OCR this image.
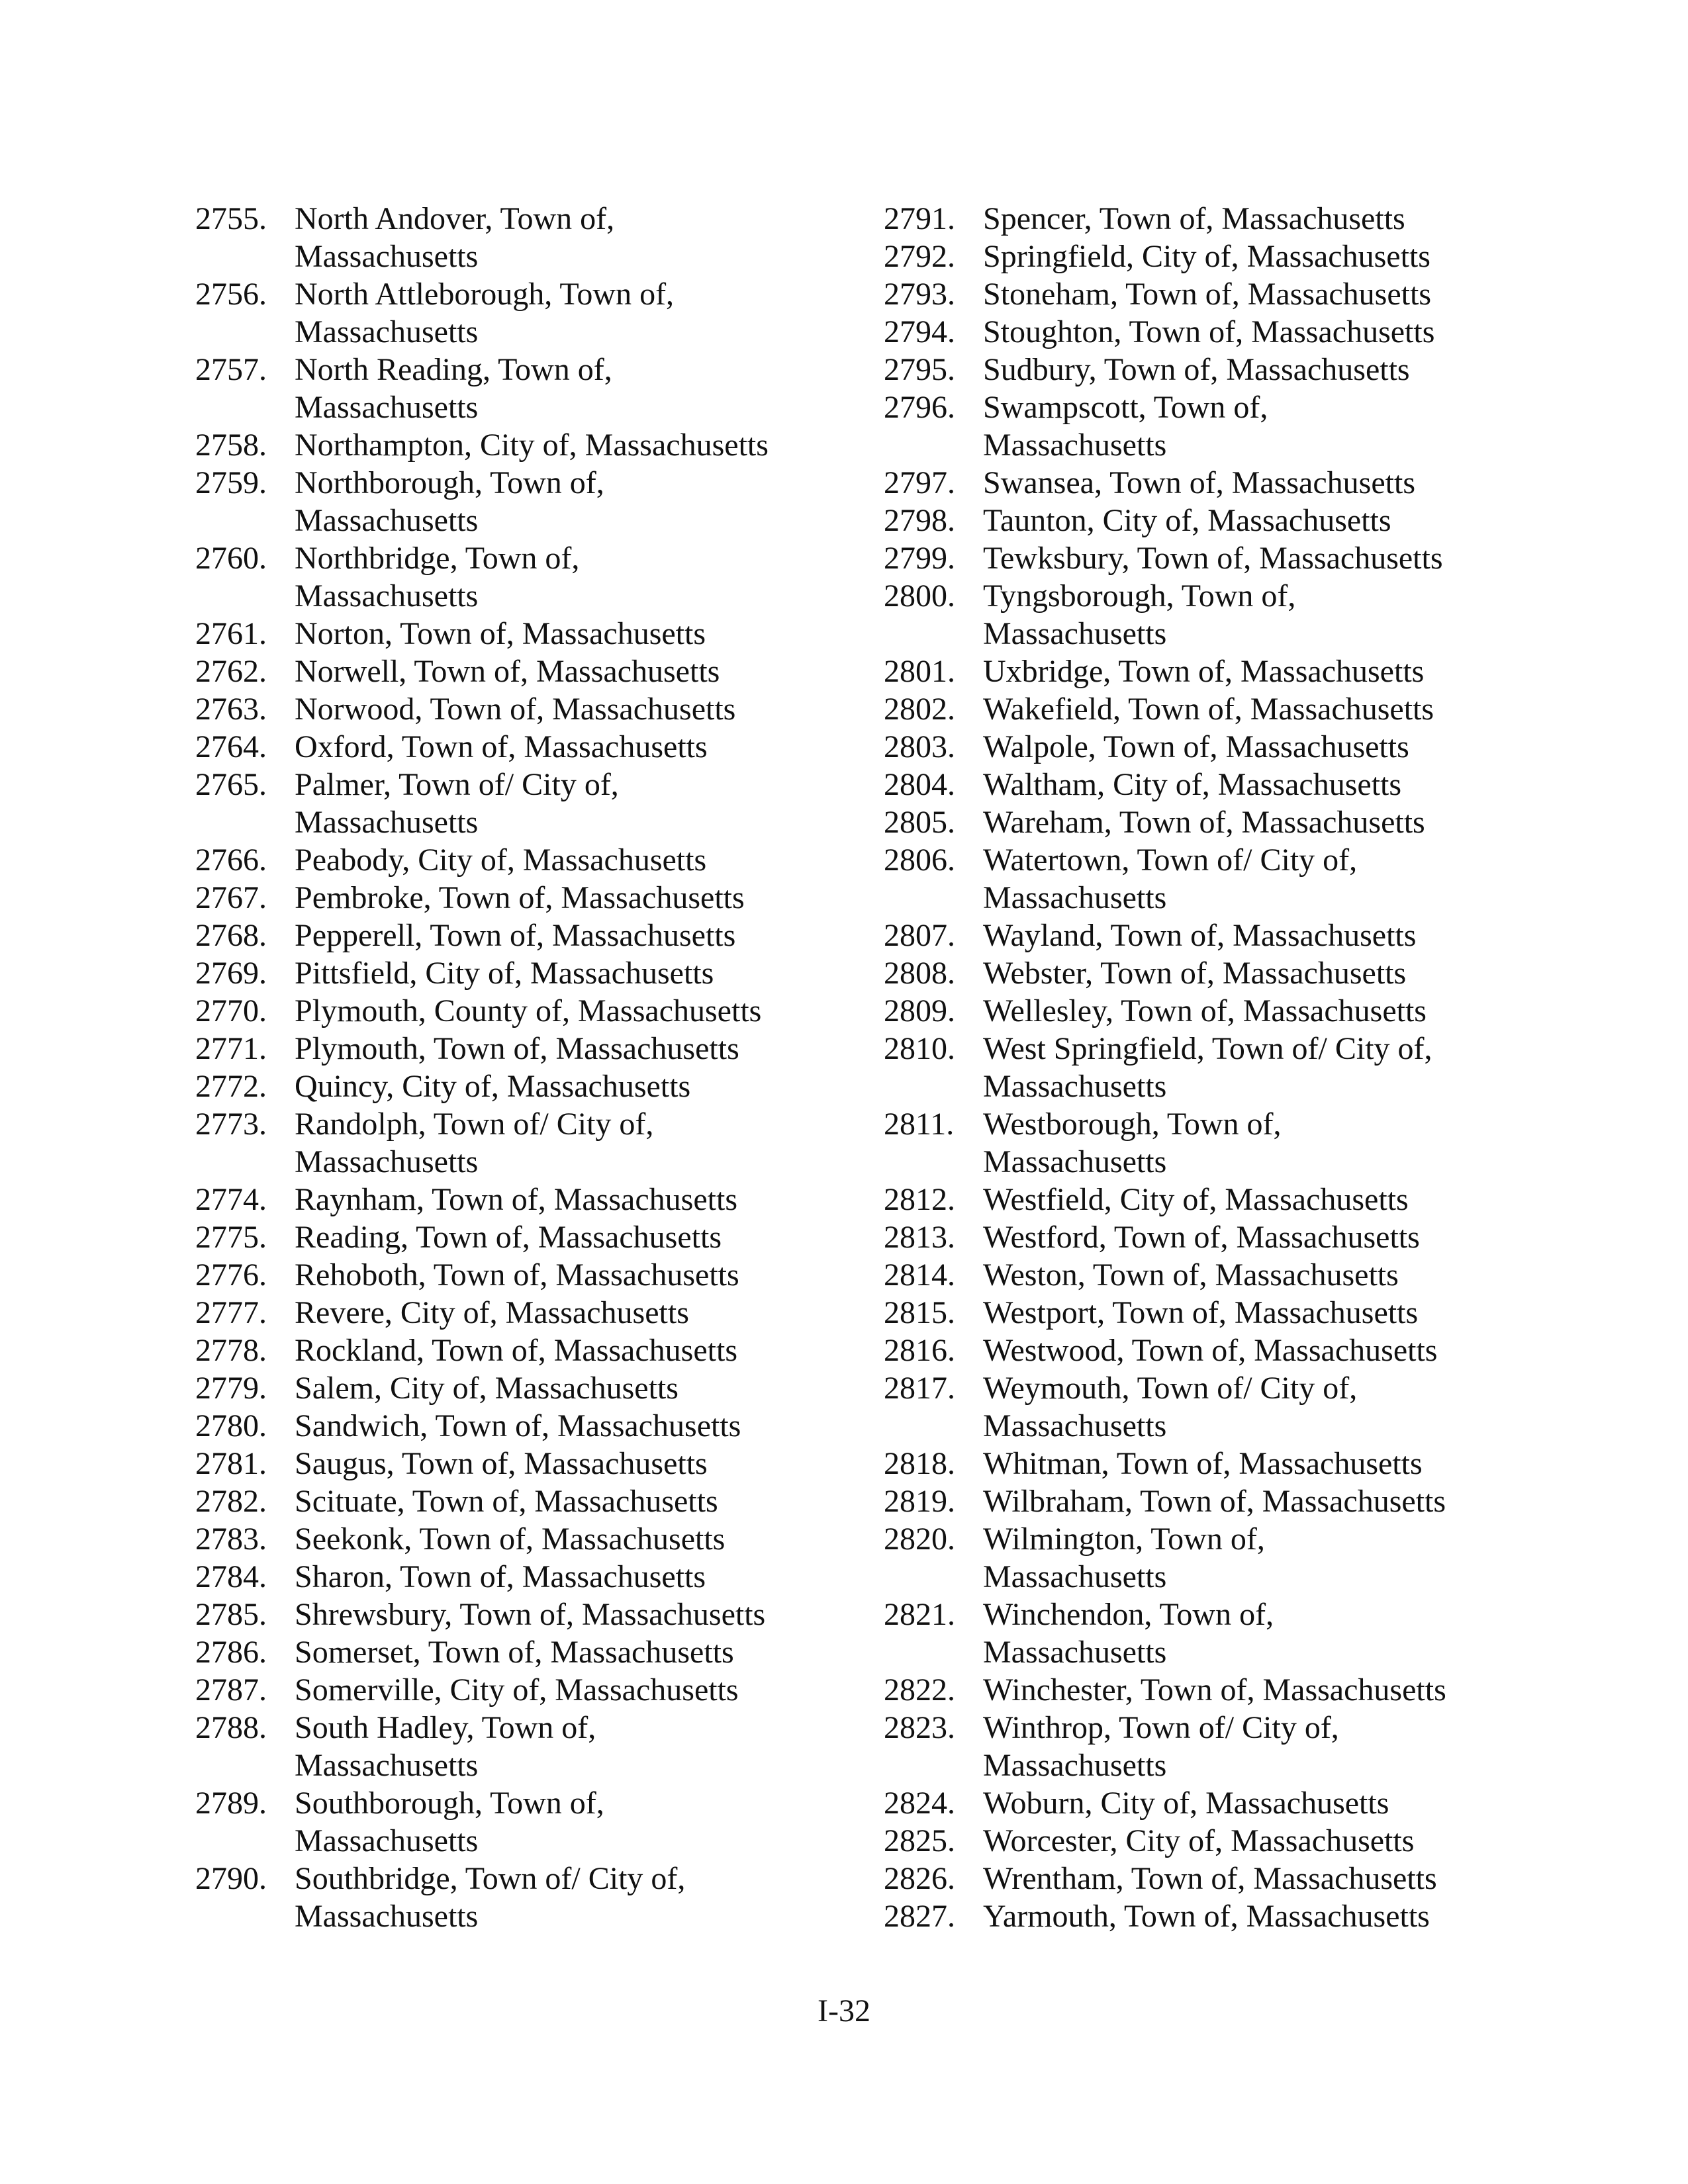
2755. North Andover, Town of,
Massachusetts
2756. North Attleborough, Town of,
Massachusetts
2757. North Reading, Town of,
Massachusetts
2758. Northampton, City of, Massachusetts
2759. Northborough, Town of,
Massachusetts
2760. Northbridge, Town of,
Massachusetts
2761. Norton, Town of, Massachusetts
2762. Norwell, Town of, Massachusetts
2763. Norwood, Town of, Massachusetts
2764. Oxford, Town of, Massachusetts
2765. Palmer, Town of/ City of,
Massachusetts
2766. Peabody, City of, Massachusetts
2767. Pembroke, Town of, Massachusetts
2768. Pepperell, Town of, Massachusetts
2769. Pittsfield, City of, Massachusetts
2770. Plymouth, County of, Massachusetts
2771. Plymouth, Town of, Massachusetts
2772. Quincy, City of, Massachusetts
2773. Randolph, Town of/ City of,
Massachusetts
2774. Raynham, Town of, Massachusetts
2775. Reading, Town of, Massachusetts
2776. Rehoboth, Town of, Massachusetts
2777. Revere, City of, Massachusetts
2778. Rockland, Town of, Massachusetts
2779. Salem, City of, Massachusetts
2780. Sandwich, Town of, Massachusetts
2781. Saugus, Town of, Massachusetts
2782. Scituate, Town of, Massachusetts
2783. Seekonk, Town of, Massachusetts
2784. Sharon, Town of, Massachusetts
2785. Shrewsbury, Town of, Massachusetts
2786. Somerset, Town of, Massachusetts
2787. Somerville, City of, Massachusetts
2788. South Hadley, Town of,
Massachusetts
2789. Southborough, Town of,
Massachusetts
2790. Southbridge, Town of/ City of,
Massachusetts
2791. Spencer, Town of, Massachusetts
2792. Springfield, City of, Massachusetts
2793. Stoneham, Town of, Massachusetts
2794. Stoughton, Town of, Massachusetts
2795. Sudbury, Town of, Massachusetts
2796. Swampscott, Town of,
Massachusetts
2797. Swansea, Town of, Massachusetts
2798. Taunton, City of, Massachusetts
2799. Tewksbury, Town of, Massachusetts
2800. Tyngsborough, Town of,
Massachusetts
2801. Uxbridge, Town of, Massachusetts
2802. Wakefield, Town of, Massachusetts
2803. Walpole, Town of, Massachusetts
2804. Waltham, City of, Massachusetts
2805. Wareham, Town of, Massachusetts
2806. Watertown, Town of/ City of,
Massachusetts
2807. Wayland, Town of, Massachusetts
2808. Webster, Town of, Massachusetts
2809. Wellesley, Town of, Massachusetts
2810. West Springfield, Town of/ City of,
Massachusetts
2811. Westborough, Town of,
Massachusetts
2812. Westfield, City of, Massachusetts
2813. Westford, Town of, Massachusetts
2814. Weston, Town of, Massachusetts
2815. Westport, Town of, Massachusetts
2816. Westwood, Town of, Massachusetts
2817. Weymouth, Town of/ City of,
Massachusetts
2818. Whitman, Town of, Massachusetts
2819. Wilbraham, Town of, Massachusetts
2820. Wilmington, Town of,
Massachusetts
2821. Winchendon, Town of,
Massachusetts
2822. Winchester, Town of, Massachusetts
2823. Winthrop, Town of/ City of,
Massachusetts
2824. Woburn, City of, Massachusetts
2825. Worcester, City of, Massachusetts
2826. Wrentham, Town of, Massachusetts
2827. Yarmouth, Town of, Massachusetts
I-32
